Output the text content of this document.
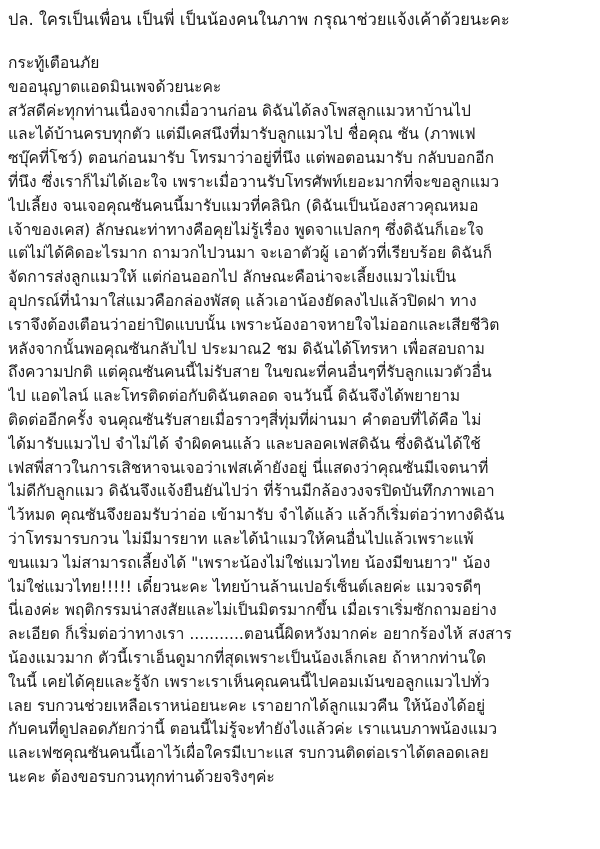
ปล. ใครเป็นเพื่อน เป็นพี่ เป็นน้องคนในภาพ กรุณาช่วยแจ้งเค้าด้วยนะคะ
กระทู้เตือนภัย
ขออนุญาตแอดมินเพจด้วยนะคะ
สวัสดีค่ะทุกท่านเนื่องจากเมื่อวานก่อน ดิฉันได้ลงโพสลูกแมวหาบ้านไป
และได้บ้านครบทุกตัว แต่มีเคสนึงที่มารับลูกแมวไป ชื่อคุณ ซัน (ภาพเฟ
ซบุ๊คที่โชว์) ตอนก่อนมารับ โทรมาว่าอยู่ที่นึง แต่พอตอนมารับ กลับบอกอีก
ที่นึง ซึ่งเราก็ไม่ได้เอะใจ เพราะเมื่อวานรับโทรศัพท์เยอะมากที่จะขอลูกแมว
ไปเลี้ยง จนเจอคุณซันคนนี้มารับแมวที่คลินิก (ดิฉันเป็นน้องสาวคุณหมอ
เจ้าของเคส) ลักษณะท่าทางคือคุยไม่รู้เรื่อง พูดจาแปลกๆ ซึ่งดิฉันก็เอะใจ
แต่ไม่ได้คิดอะไรมาก ถามวกไปวนมา จะเอาตัวผู้ เอาตัวที่เรียบร้อย ดิฉันก็
จัดการส่งลูกแมวให้ แต่ก่อนออกไป ลักษณะคือน่าจะเลี้ยงแมวไม่เป็น
อุปกรณ์ที่นำมาใส่แมวคือกล่องพัสดุ แล้วเอาน้องยัดลงไปแล้วปิดฝา ทาง
เราจึงต้องเตือนว่าอย่าปิดแบบนั้น เพราะน้องอาจหายใจไม่ออกและเสียชีวิต
หลังจากนั้นพอคุณซันกลับไป ประมาณ2 ชม ดิฉันได้โทรหา เพื่อสอบถาม
ถึงความปกติ แต่คุณซันคนนี้ไม่รับสาย ในขณะที่คนอื่นๆที่รับลูกแมวตัวอื่น
ไป แอดไลน์ และโทรติดต่อกับดิฉันตลอด จนวันนี้ ดิฉันจึงได้พยายาม
ติดต่ออีกครั้ง จนคุณซันรับสายเมื่อราวๆสี่ทุ่มที่ผ่านมา คำตอบที่ได้คือ ไม่
ได้มารับแมวไป จำไม่ได้ จำผิดคนแล้ว และบลอคเฟสดิฉัน ซึ่งดิฉันได้ใช้
เฟสพี่สาวในการเสิชหาจนเจอว่าเฟสเค้ายังอยู่ นี่แสดงว่าคุณซันมีเจตนาที่
ไม่ดีกับลูกแมว ดิฉันจึงแจ้งยืนยันไปว่า ที่ร้านมีกล้องวงจรปิดบันทึกภาพเอา
ไว้หมด คุณซันจึงยอมรับว่าอ่อ เข้ามารับ จำได้แล้ว แล้วก็เริ่มต่อว่าทางดิฉัน
ว่าโทรมารบกวน ไม่มีมารยาท และได้นำแมวให้คนอื่นไปแล้วเพราะแพ้
ขนแมว ไม่สามารถเลี้ยงได้ "เพราะน้องไม่ใช่แมวไทย น้องมีขนยาว" น้อง
ไม่ใช่แมวไทย!!!!! เดี๋ยวนะคะ ไทยบ้านล้านเปอร์เซ็นต์เลยค่ะ แมวจรดีๆ
นี่เองค่ะ พฤติกรรมน่าสงสัยและไม่เป็นมิตรมากขึ้น เมื่อเราเริ่มซักถามอย่าง
ละเอียด ก็เริ่มต่อว่าทางเรา ...........ตอนนี้ผิดหวังมากค่ะ อยากร้องไห้ สงสาร
น้องแมวมาก ตัวนี้เราเอ็นดูมากที่สุดเพราะเป็นน้องเล็กเลย ถ้าหากท่านใด
ในนี้ เคยได้คุยและรู้จัก เพราะเราเห็นคุณคนนี้ไปคอมเม้นขอลูกแมวไปทั่ว
เลย รบกวนช่วยเหลือเราหน่อยนะคะ เราอยากได้ลูกแมวคืน ให้น้องได้อยู่
กับคนที่ดูปลอดภัยกว่านี้ ตอนนี้ไม่รู้จะทำยังไงแล้วค่ะ เราแนบภาพน้องแมว
และเฟซคุณซันคนนี้เอาไว้เผื่อใครมีเบาะแส รบกวนติดต่อเราได้ตลอดเลย
นะคะ ต้องขอรบกวนทุกท่านด้วยจริงๆค่ะ
